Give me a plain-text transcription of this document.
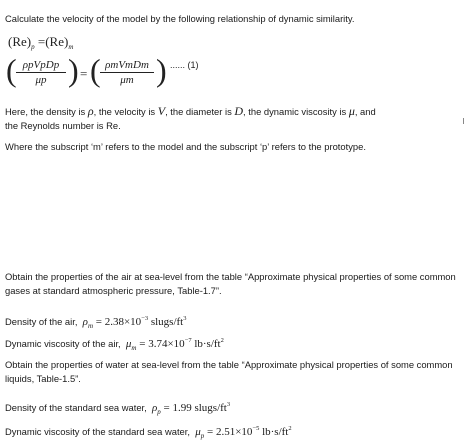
Calculate the velocity of the model by the following relationship of dynamic similarity.
$(Re)_p =(Re)_m$
( ρpVpDp
μp ) = ( ρmVmDm
μm ) ...... (1)
Here, the density is ρ, the velocity is V, the diameter is D, the dynamic viscosity is μ, and
the Reynolds number is Re.
Where the subscript ‘m’ refers to the model and the subscript ‘p’ refers to the prototype.
Obtain the properties of the air at sea-level from the table “Approximate physical properties of some common gases at standard atmospheric pressure, Table-1.7”.
Density of the air, $\rho_m = 2.38\times 10^{-3}$ slugs/$ft^3$
Dynamic viscosity of the air, $\mu_m = 3.74\times 10^{-7}$ $lb\cdot s/ft^2$
Obtain the properties of water at sea-level from the table “Approximate physical properties of some common liquids, Table-1.5”.
Density of the standard sea water, $\rho_p = 1.99$ slugs/$ft^3$
Dynamic viscosity of the standard sea water, $\mu_p = 2.51\times 10^{-5}$ $lb\cdot s/ft^2$
